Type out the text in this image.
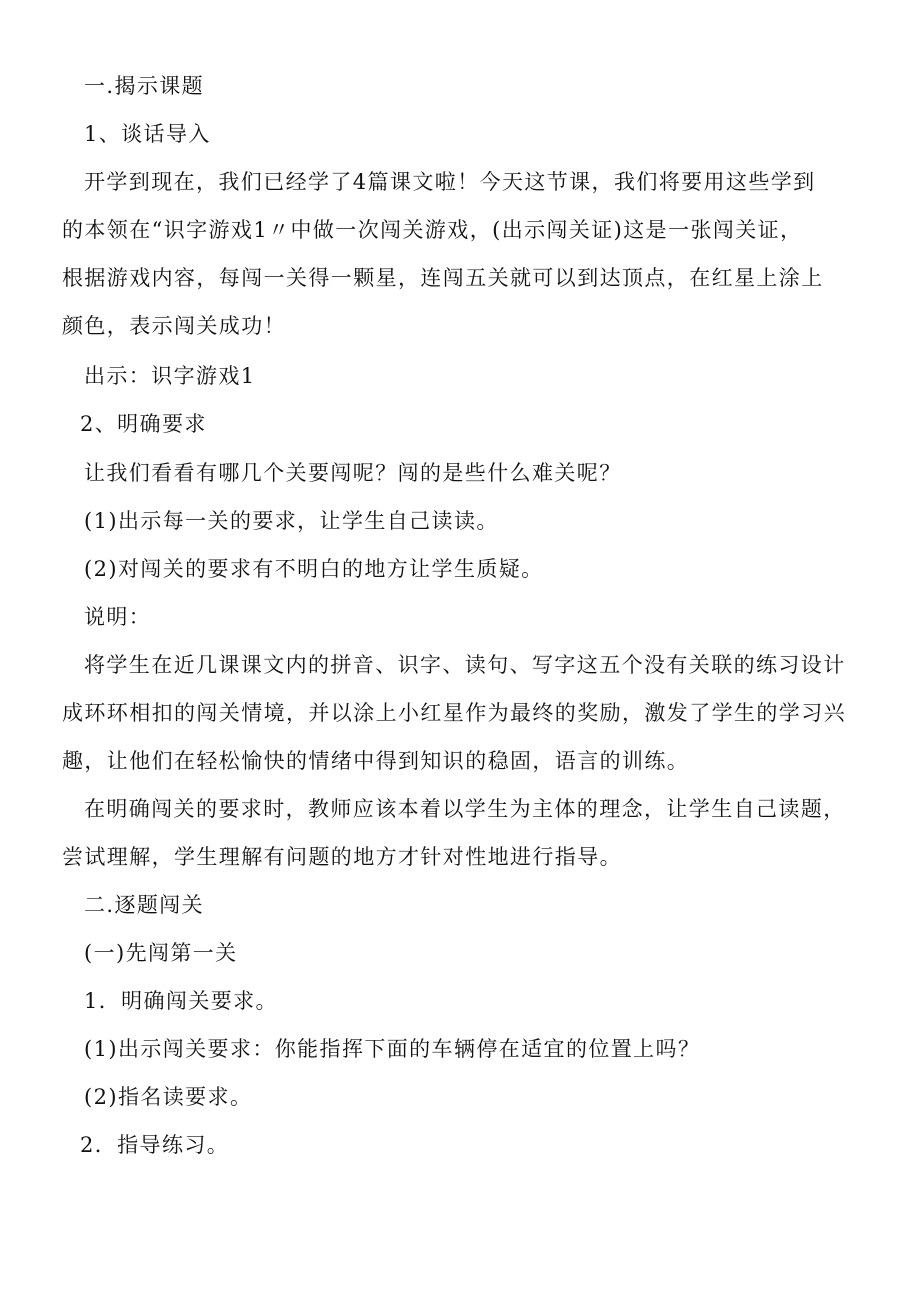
一.揭示课题
1、谈话导入
开学到现在，我们已经学了4篇课文啦！今天这节课，我们将要用这些学到
的本领在“识字游戏1〃中做一次闯关游戏，(出示闯关证)这是一张闯关证，
根据游戏内容，每闯一关得一颗星，连闯五关就可以到达顶点，在红星上涂上
颜色，表示闯关成功！
出示：识字游戏1
2、明确要求
让我们看看有哪几个关要闯呢？闯的是些什么难关呢？
(1)出示每一关的要求，让学生自己读读。
(2)对闯关的要求有不明白的地方让学生质疑。
说明：
将学生在近几课课文内的拼音、识字、读句、写字这五个没有关联的练习设计
成环环相扣的闯关情境，并以涂上小红星作为最终的奖励，激发了学生的学习兴
趣，让他们在轻松愉快的情绪中得到知识的稳固，语言的训练。
在明确闯关的要求时，教师应该本着以学生为主体的理念，让学生自己读题，
尝试理解，学生理解有问题的地方才针对性地进行指导。
二.逐题闯关
(一)先闯第一关
1．明确闯关要求。
(1)出示闯关要求：你能指挥下面的车辆停在适宜的位置上吗？
(2)指名读要求。
2．指导练习。
